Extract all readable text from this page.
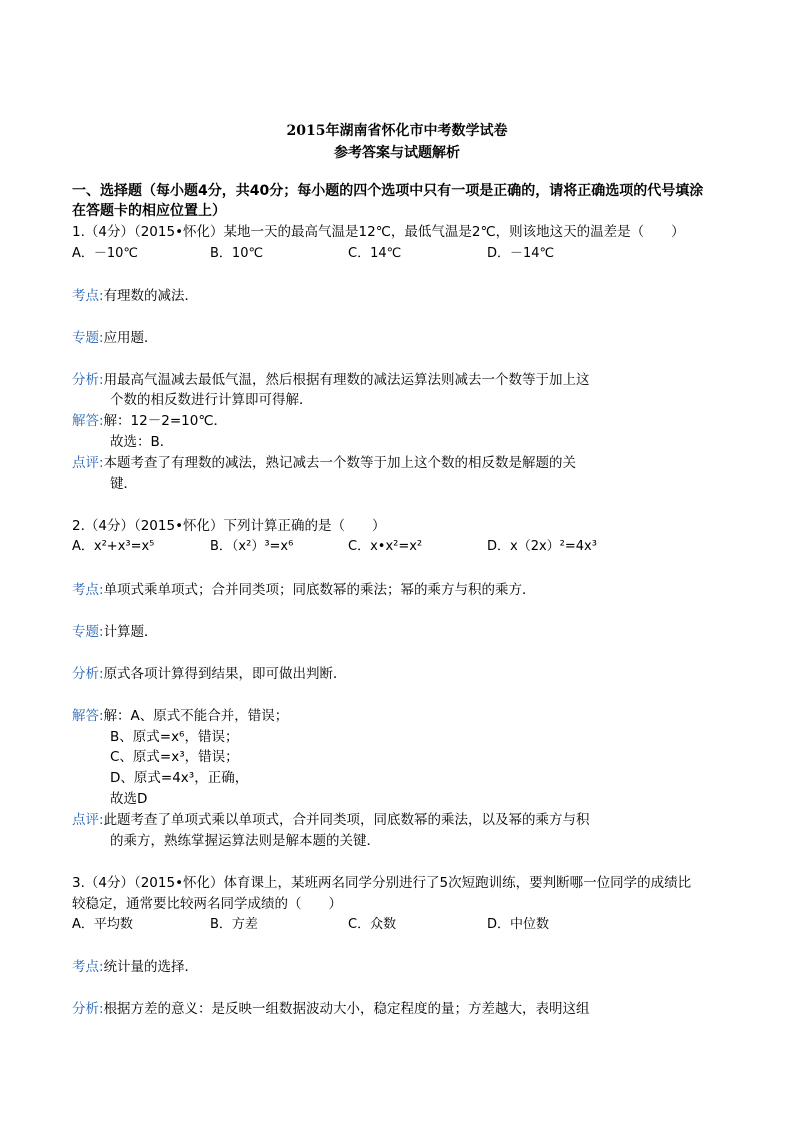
2015年湖南省怀化市中考数学试卷
参考答案与试题解析
一、选择题（每小题4分，共40分；每小题的四个选项中只有一项是正确的，请将正确选项的代号填涂
在答题卡的相应位置上）
1.（4分）（2015•怀化）某地一天的最高气温是12℃，最低气温是2℃，则该地这天的温差是（　　）
A．－10℃	B．10℃	C．14℃	D．－14℃
考点:有理数的减法．
专题:应用题．
分析:用最高气温减去最低气温，然后根据有理数的减法运算法则减去一个数等于加上这
个数的相反数进行计算即可得解．
解答:解：12－2=10℃．
故选：B．
点评:本题考查了有理数的减法，熟记减去一个数等于加上这个数的相反数是解题的关
键．
2.（4分）（2015•怀化）下列计算正确的是（　　）
A．x²+x³=x⁵	B．（x²）³=x⁶	C．x•x²=x²	D．x（2x）²=4x³
考点:单项式乘单项式；合并同类项；同底数幂的乘法；幂的乘方与积的乘方．
专题:计算题．
分析:原式各项计算得到结果，即可做出判断．
解答:解：A、原式不能合并，错误；
B、原式=x⁶，错误；
C、原式=x³，错误；
D、原式=4x³，正确，
故选D
点评:此题考查了单项式乘以单项式，合并同类项，同底数幂的乘法，以及幂的乘方与积
的乘方，熟练掌握运算法则是解本题的关键．
3.（4分）（2015•怀化）体育课上，某班两名同学分别进行了5次短跑训练，要判断哪一位同学的成绩比
较稳定，通常要比较两名同学成绩的（　　）
A．平均数	B．方差	C．众数	D．中位数
考点:统计量的选择．
分析:根据方差的意义：是反映一组数据波动大小，稳定程度的量；方差越大，表明这组
